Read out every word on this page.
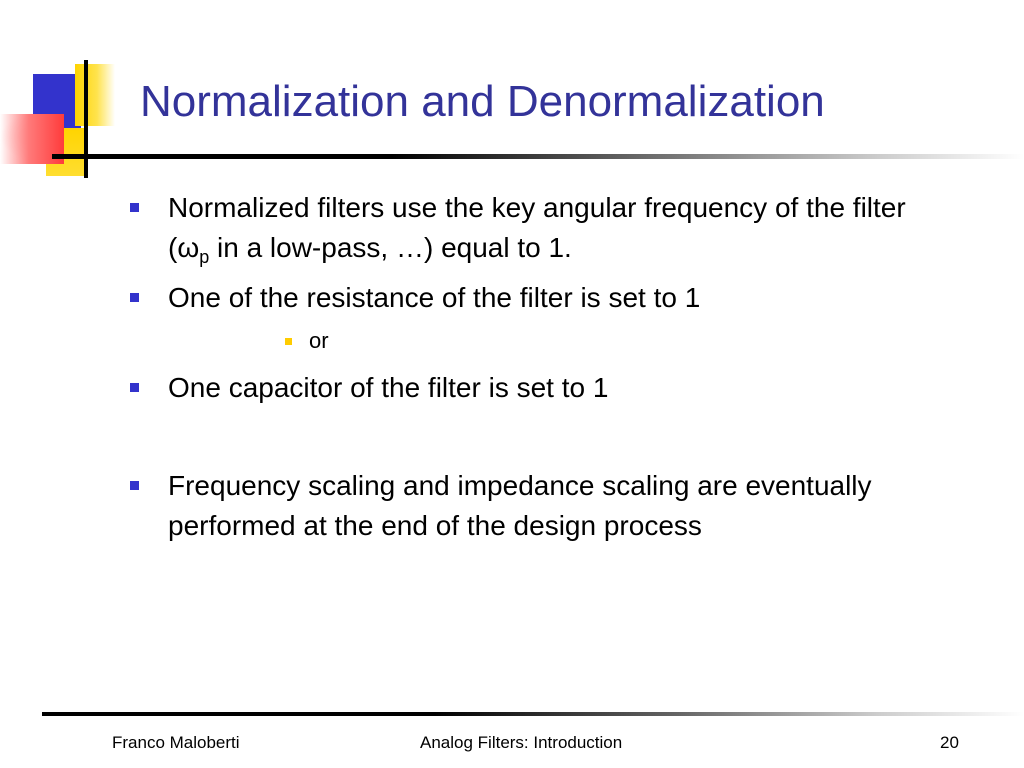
Normalization and Denormalization
Normalized filters use the key angular frequency of the filter ($\omega_p$ in a low-pass, …) equal to 1.
One of the resistance of the filter is set to 1
or
One capacitor of the filter is set to 1
Frequency scaling and impedance scaling are eventually performed at the end of the design process
Franco Maloberti	Analog Filters: Introduction	20
